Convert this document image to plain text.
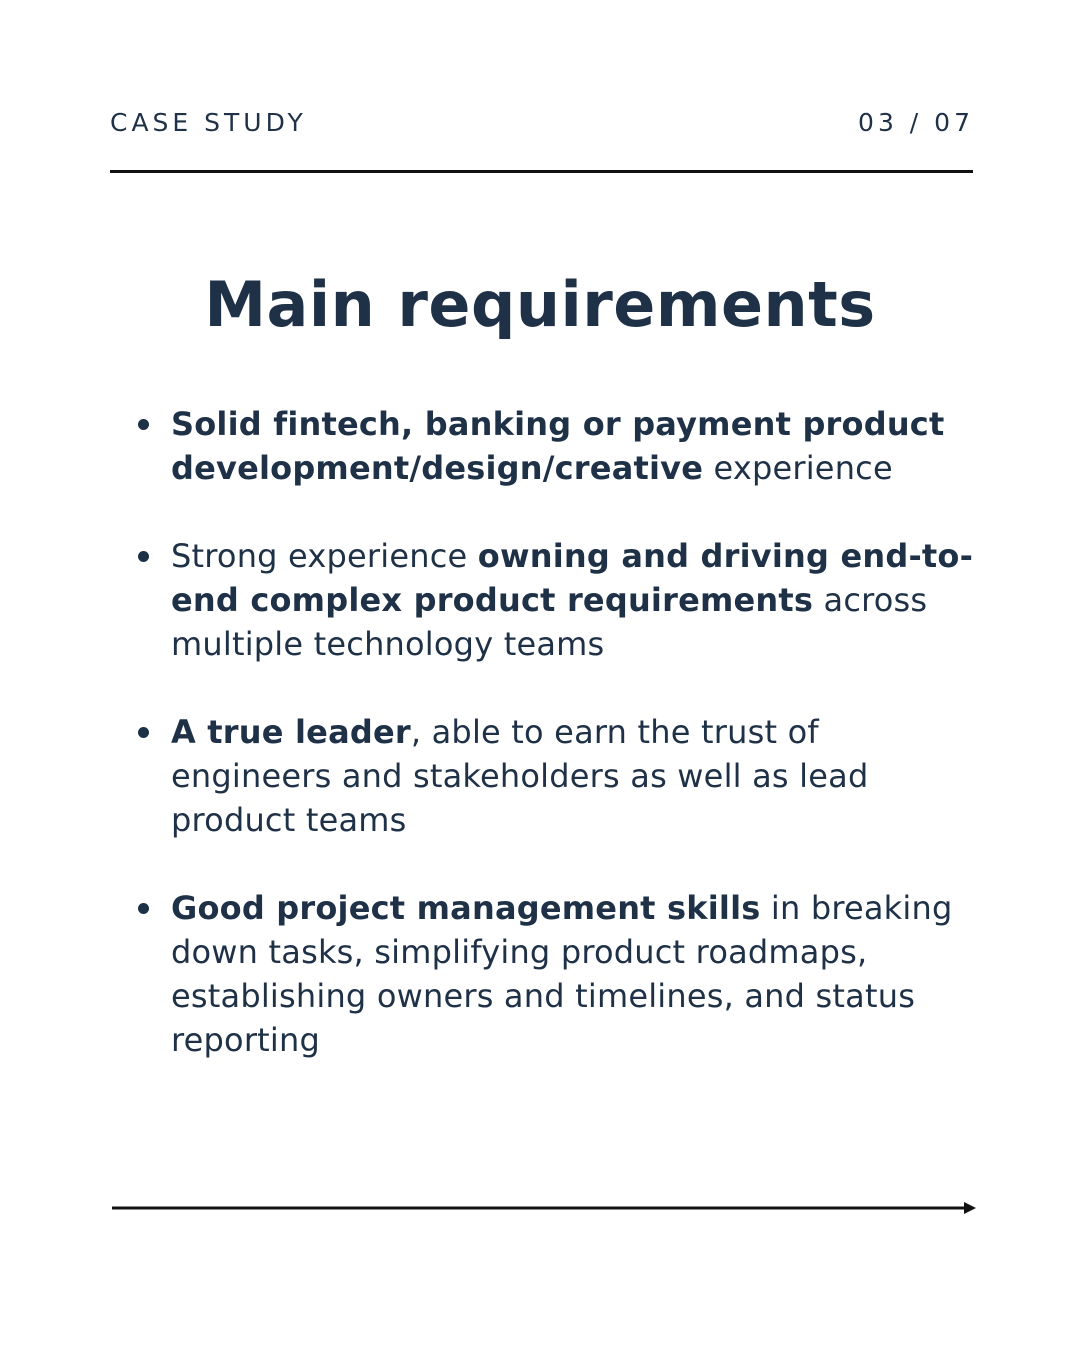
CASE STUDY	03 / 07
Main requirements
Solid fintech, banking or payment product development/design/creative experience
Strong experience owning and driving end-to-end complex product requirements across multiple technology teams
A true leader, able to earn the trust of engineers and stakeholders as well as lead product teams
Good project management skills in breaking down tasks, simplifying product roadmaps, establishing owners and timelines, and status reporting
